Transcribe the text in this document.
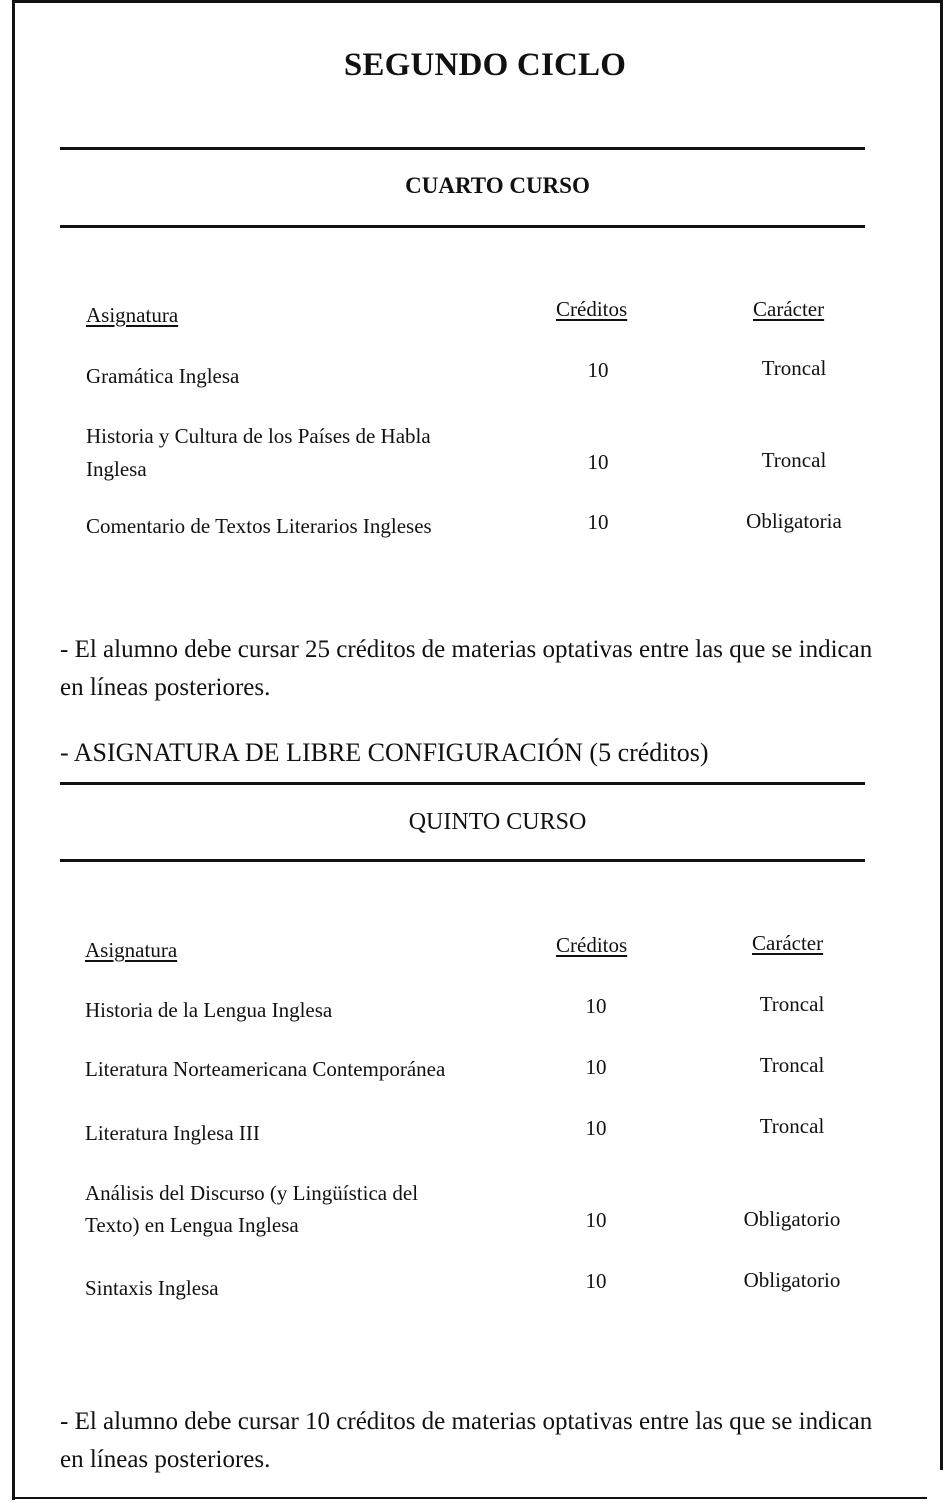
SEGUNDO CICLO
CUARTO CURSO
Asignatura	Créditos	Carácter
Gramática Inglesa	10	Troncal
Historia y Cultura de los Países de Habla
Inglesa	10	Troncal
Comentario de Textos Literarios Ingleses	10	Obligatoria
- El alumno debe cursar 25 créditos de materias optativas entre las que se indican en líneas posteriores.
- ASIGNATURA DE LIBRE CONFIGURACIÓN (5 créditos)
QUINTO CURSO
Asignatura	Créditos	Carácter
Historia de la Lengua Inglesa	10	Troncal
Literatura Norteamericana Contemporánea	10	Troncal
Literatura Inglesa III	10	Troncal
Análisis del Discurso (y Lingüística del
Texto) en Lengua Inglesa	10	Obligatorio
Sintaxis Inglesa	10	Obligatorio
- El alumno debe cursar 10 créditos de materias optativas entre las que se indican en líneas posteriores.
